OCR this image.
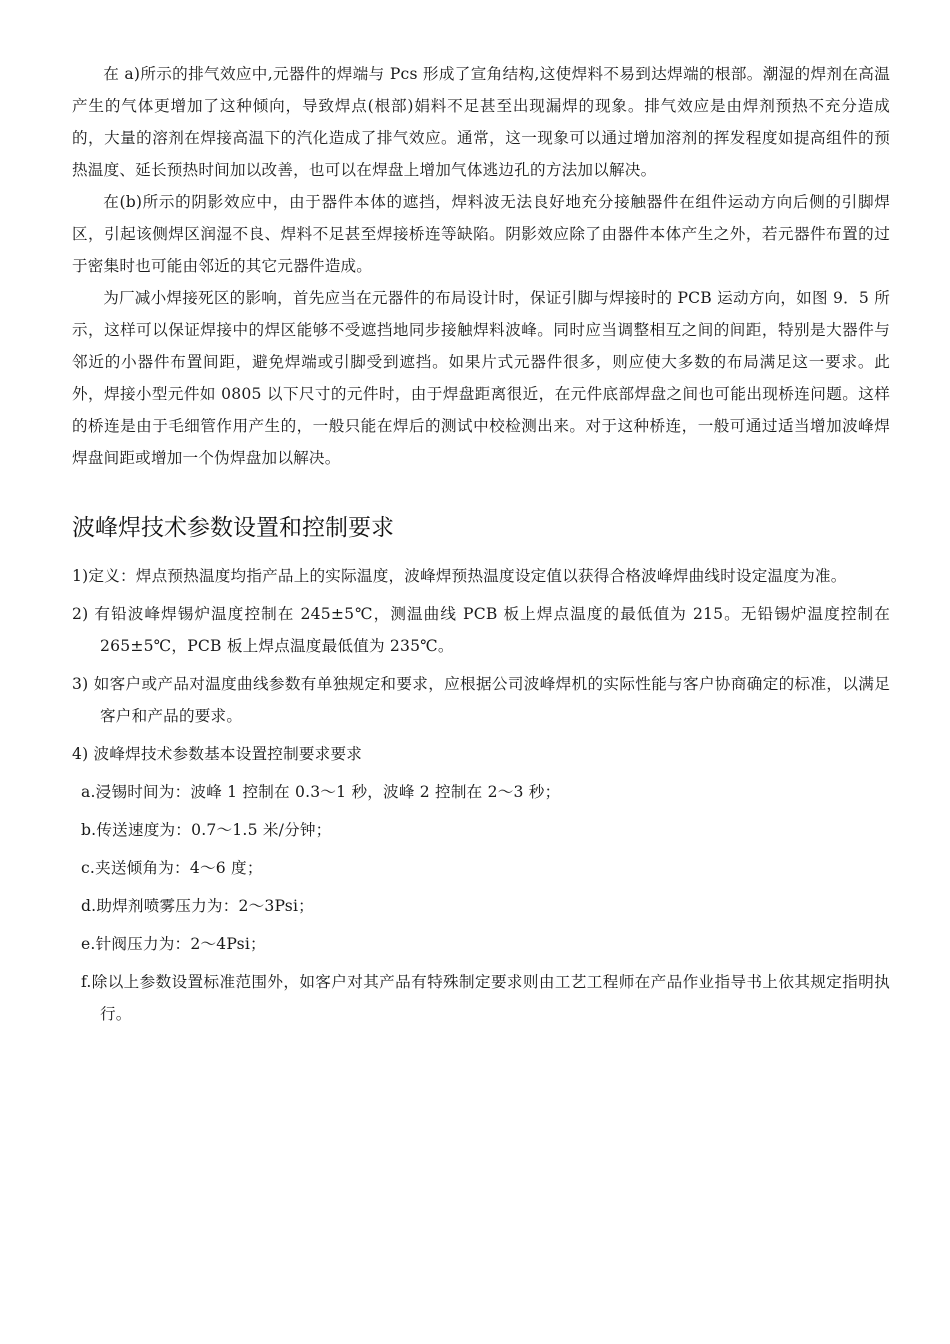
在 a)所示的排气效应中,元器件的焊端与 Pcs 形成了宣角结构,这使焊料不易到达焊端的根部。潮湿的焊剂在高温产生的气体更增加了这种倾向，导致焊点(根部)娟料不足甚至出现漏焊的现象。排气效应是由焊剂预热不充分造成的，大量的溶剂在焊接高温下的汽化造成了排气效应。通常，这一现象可以通过增加溶剂的挥发程度如提高组件的预热温度、延长预热时间加以改善，也可以在焊盘上增加气体逃边孔的方法加以解决。

在(b)所示的阴影效应中，由于器件本体的遮挡，焊料波无法良好地充分接触器件在组件运动方向后侧的引脚焊区，引起该侧焊区润湿不良、焊料不足甚至焊接桥连等缺陷。阴影效应除了由器件本体产生之外，若元器件布置的过于密集时也可能由邻近的其它元器件造成。

为厂减小焊接死区的影响，首先应当在元器件的布局设计时，保证引脚与焊接时的 PCB 运动方向，如图 9．5 所示，这样可以保证焊接中的焊区能够不受遮挡地同步接触焊料波峰。同时应当调整相互之间的间距，特别是大器件与邻近的小器件布置间距，避免焊端或引脚受到遮挡。如果片式元器件很多，则应使大多数的布局满足这一要求。此外，焊接小型元件如 0805 以下尺寸的元件时，由于焊盘距离很近，在元件底部焊盘之间也可能出现桥连问题。这样的桥连是由于毛细管作用产生的，一般只能在焊后的测试中校检测出来。对于这种桥连，一般可通过适当增加波峰焊焊盘间距或增加一个伪焊盘加以解决。

波峰焊技术参数设置和控制要求

1)定义：焊点预热温度均指产品上的实际温度，波峰焊预热温度设定值以获得合格波峰焊曲线时设定温度为准。

2) 有铅波峰焊锡炉温度控制在 245±5℃，测温曲线 PCB 板上焊点温度的最低值为 215。无铅锡炉温度控制在 265±5℃，PCB 板上焊点温度最低值为 235℃。

3) 如客户或产品对温度曲线参数有单独规定和要求，应根据公司波峰焊机的实际性能与客户协商确定的标准，以满足客户和产品的要求。

4) 波峰焊技术参数基本设置控制要求要求

a.浸锡时间为：波峰 1 控制在 0.3～1 秒，波峰 2 控制在 2～3 秒；

b.传送速度为：0.7～1.5 米/分钟；

c.夹送倾角为：4～6 度；

d.助焊剂喷雾压力为：2～3Psi；

e.针阀压力为：2～4Psi；

f.除以上参数设置标准范围外，如客户对其产品有特殊制定要求则由工艺工程师在产品作业指导书上依其规定指明执行。
